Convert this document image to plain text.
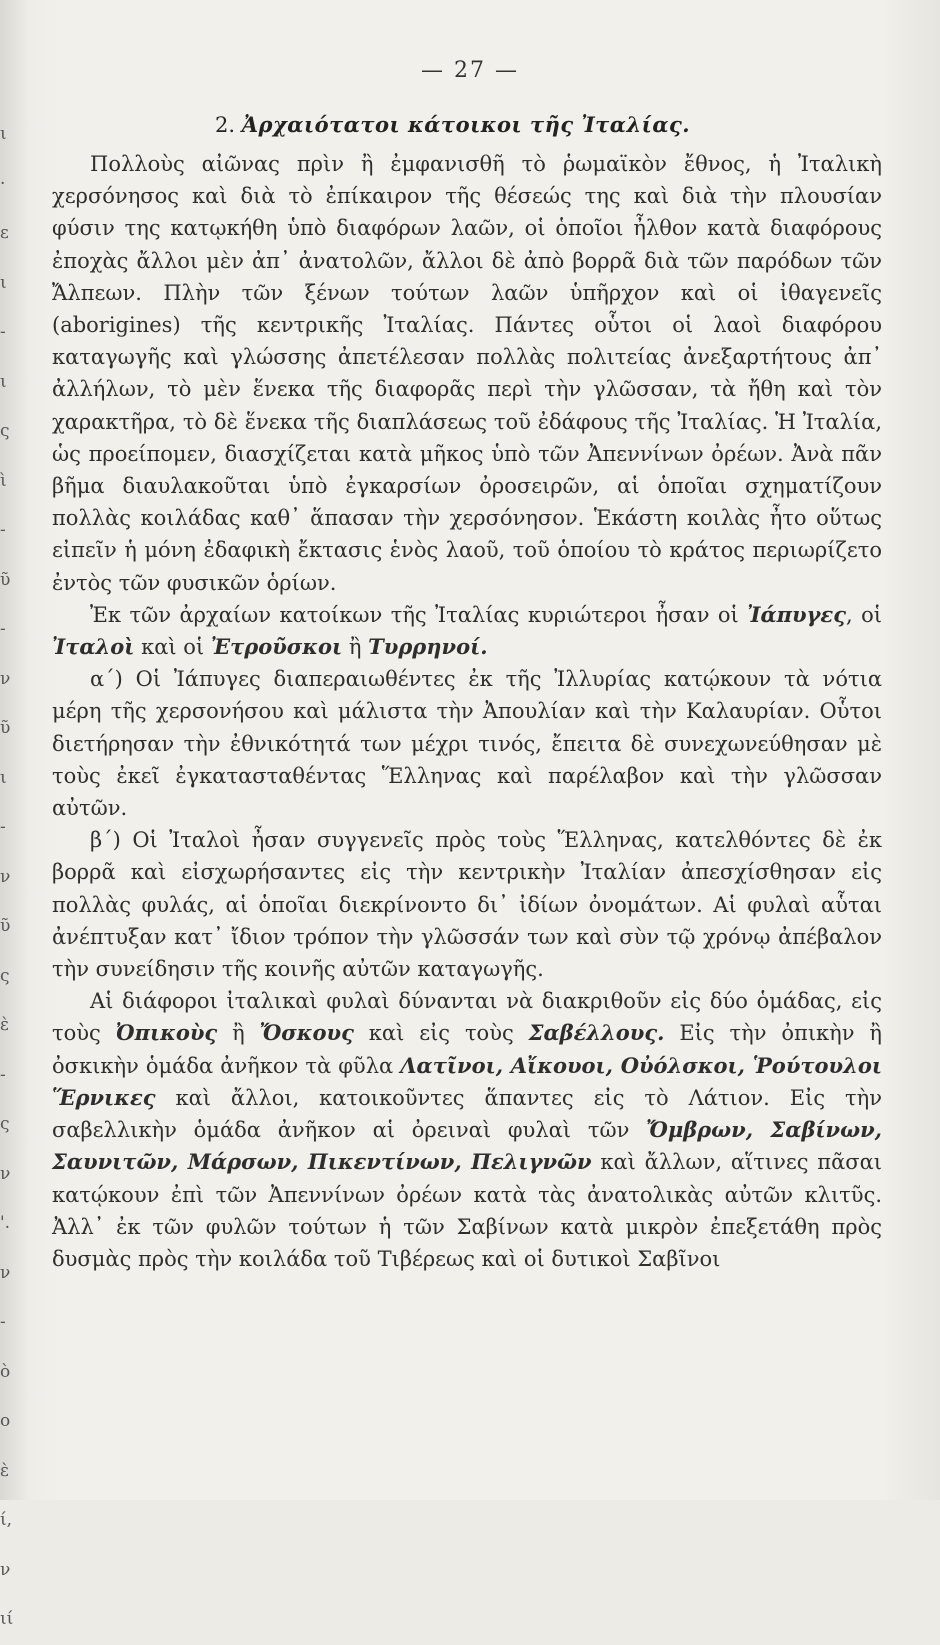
ι
·
ε
ι
-
ι
ς
ὶ
-
ῦ
-
ν
ῦ
ι
-
ν
ῦ
ς
ὲ
-
ς
ν
'.
ν
-
ὸ
ο
ὲ
ί,
ν
ιί
— 27 —
2. Ἀρχαιότατοι κάτοικοι τῆς Ἰταλίας.

Πολλοὺς αἰῶνας πρὶν ἢ ἐμφανισθῆ τὸ ῥωμαϊκὸν ἔθνος, ἡ Ἰταλικὴ χερσόνησος καὶ διὰ τὸ ἐπίκαιρον τῆς θέσεώς της καὶ διὰ τὴν πλουσίαν φύσιν της κατῳκήθη ὑπὸ διαφόρων λαῶν, οἱ ὁποῖοι ἦλθον κατὰ διαφόρους ἐποχὰς ἄλλοι μὲν ἀπ᾿ ἀνατολῶν, ἄλλοι δὲ ἀπὸ βορρᾶ διὰ τῶν παρόδων τῶν Ἄλπεων. Πλὴν τῶν ξένων τούτων λαῶν ὑπῆρχον καὶ οἱ ἰθαγενεῖς (aborigines) τῆς κεντρικῆς Ἰταλίας. Πάντες οὗτοι οἱ λαοὶ διαφόρου καταγωγῆς καὶ γλώσσης ἀπετέλεσαν πολλὰς πολιτείας ἀνεξαρτήτους ἀπ᾿ ἀλλήλων, τὸ μὲν ἕνεκα τῆς διαφορᾶς περὶ τὴν γλῶσσαν, τὰ ἤθη καὶ τὸν χαρακτῆρα, τὸ δὲ ἕνεκα τῆς διαπλάσεως τοῦ ἐδάφους τῆς Ἰταλίας. Ἡ Ἰταλία, ὡς προείπομεν, διασχίζεται κατὰ μῆκος ὑπὸ τῶν Ἀπεννίνων ὀρέων. Ἀνὰ πᾶν βῆμα διαυλακοῦται ὑπὸ ἐγκαρσίων ὀροσειρῶν, αἱ ὁποῖαι σχηματίζουν πολλὰς κοιλάδας καθ᾿ ἅπασαν τὴν χερσόνησον. Ἑκάστη κοιλὰς ἦτο οὕτως εἰπεῖν ἡ μόνη ἐδαφικὴ ἔκτασις ἑνὸς λαοῦ, τοῦ ὁποίου τὸ κράτος περιωρίζετο ἐντὸς τῶν φυσικῶν ὁρίων.

Ἐκ τῶν ἀρχαίων κατοίκων τῆς Ἰταλίας κυριώτεροι ἦσαν οἱ Ἰάπυγες, οἱ Ἰταλοὶ καὶ οἱ Ἐτροῦσκοι ἢ Τυρρηνοί.

α΄) Οἱ Ἰάπυγες διαπεραιωθέντες ἐκ τῆς Ἰλλυρίας κατῴκουν τὰ νότια μέρη τῆς χερσονήσου καὶ μάλιστα τὴν Ἀπουλίαν καὶ τὴν Καλαυρίαν. Οὗτοι διετήρησαν τὴν ἐθνικότητά των μέχρι τινός, ἔπειτα δὲ συνεχωνεύθησαν μὲ τοὺς ἐκεῖ ἐγκατασταθέντας Ἕλληνας καὶ παρέλαβον καὶ τὴν γλῶσσαν αὐτῶν.

β΄) Οἱ Ἰταλοὶ ἦσαν συγγενεῖς πρὸς τοὺς Ἕλληνας, κατελθόντες δὲ ἐκ βορρᾶ καὶ εἰσχωρήσαντες εἰς τὴν κεντρικὴν Ἰταλίαν ἀπεσχίσθησαν εἰς πολλὰς φυλάς, αἱ ὁποῖαι διεκρίνοντο δι᾿ ἰδίων ὀνομάτων. Αἱ φυλαὶ αὗται ἀνέπτυξαν κατ᾿ ἴδιον τρόπον τὴν γλῶσσάν των καὶ σὺν τῷ χρόνῳ ἀπέβαλον τὴν συνείδησιν τῆς κοινῆς αὐτῶν καταγωγῆς.

Αἱ διάφοροι ἰταλικαὶ φυλαὶ δύνανται νὰ διακριθοῦν εἰς δύο ὁμάδας, εἰς τοὺς Ὀπικοὺς ἢ Ὄσκους καὶ εἰς τοὺς Σαβέλλους. Εἰς τὴν ὀπικὴν ἢ ὀσκικὴν ὁμάδα ἀνῆκον τὰ φῦλα Λατῖνοι, Αἴκουοι, Οὐόλσκοι, Ῥούτουλοι Ἕρνικες καὶ ἄλλοι, κατοικοῦντες ἅπαντες εἰς τὸ Λάτιον. Εἰς τὴν σαβελλικὴν ὁμάδα ἀνῆκον αἱ ὀρειναὶ φυλαὶ τῶν Ὄμβρων, Σαβίνων, Σαυνιτῶν, Μάρσων, Πικεντίνων, Πελιγνῶν καὶ ἄλλων, αἵτινες πᾶσαι κατῴκουν ἐπὶ τῶν Ἀπεννίνων ὀρέων κατὰ τὰς ἀνατολικὰς αὐτῶν κλιτῦς. Ἀλλ᾿ ἐκ τῶν φυλῶν τούτων ἡ τῶν Σαβίνων κατὰ μικρὸν ἐπεξετάθη πρὸς δυσμὰς πρὸς τὴν κοιλάδα τοῦ Τιβέρεως καὶ οἱ δυτικοὶ Σαβῖνοι
